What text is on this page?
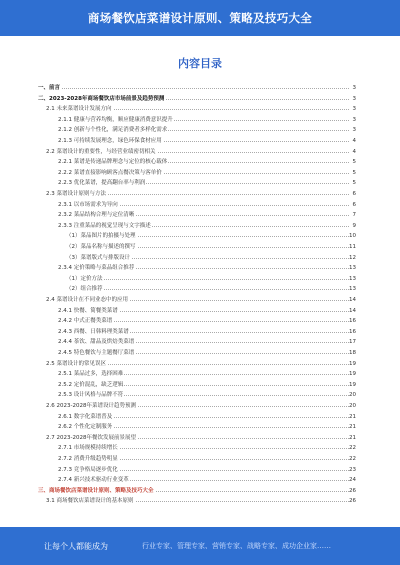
商场餐饮店菜谱设计原则、策略及技巧大全
内容目录
一、前言	3
二、2023-2028年商场餐饮店市场前景及趋势预测	3
2.1 未来菜谱设计发展方向	3
2.1.1 健康与营养均衡，顺应健康消费意识提升	3
2.1.2 创新与个性化，满足消费者多样化需求	3
2.1.3 可持续发展理念，绿色环保食材应用	4
2.2 菜谱设计的重要性，与经营业绩密切相关	4
2.2.1 菜谱是传递品牌理念与定位的核心载体	5
2.2.2 菜谱直接影响顾客点餐决策与客单价	5
2.2.3 优化菜谱，提高翻台率与利润	5
2.3 菜谱设计原则与方法	6
2.3.1 以市场需求为导向	6
2.3.2 菜品结构合理与定位清晰	7
2.3.3 注重菜品的视觉呈现与文字描述	9
（1）菜品图片的拍摄与处理	10
（2）菜品名称与描述的撰写	11
（3）菜谱版式与排版设计	12
2.3.4 定价策略与菜品组合推荐	13
（1）定价方法	13
（2）组合推荐	13
2.4 菜谱设计在不同业态中的应用	14
2.4.1 快餐、简餐类菜谱	14
2.4.2 中式正餐类菜谱	16
2.4.3 西餐、日韩料理类菜谱	16
2.4.4 茶饮、甜品及烘焙类菜谱	17
2.4.5 特色餐饮与主题餐厅菜谱	18
2.5 菜谱设计的常见误区	19
2.5.1 菜品过多，选择困难	19
2.5.2 定价混乱，缺乏逻辑	19
2.5.3 设计风格与品牌不符	20
2.6 2023-2028年菜谱设计趋势预测	20
2.6.1 数字化菜谱普及	21
2.6.2 个性化定制服务	21
2.7 2023-2028年餐饮发展前景展望	21
2.7.1 市场规模持续增长	22
2.7.2 消费升级趋势明显	22
2.7.3 竞争格局逐步优化	23
2.7.4 新兴技术驱动行业变革	24
三、商场餐饮店菜谱设计原则、策略及技巧大全	26
3.1 商场餐饮店菜谱设计的基本原则	26
让每个人都能成为	行业专家、管理专家、营销专家、战略专家、成功企业家……
